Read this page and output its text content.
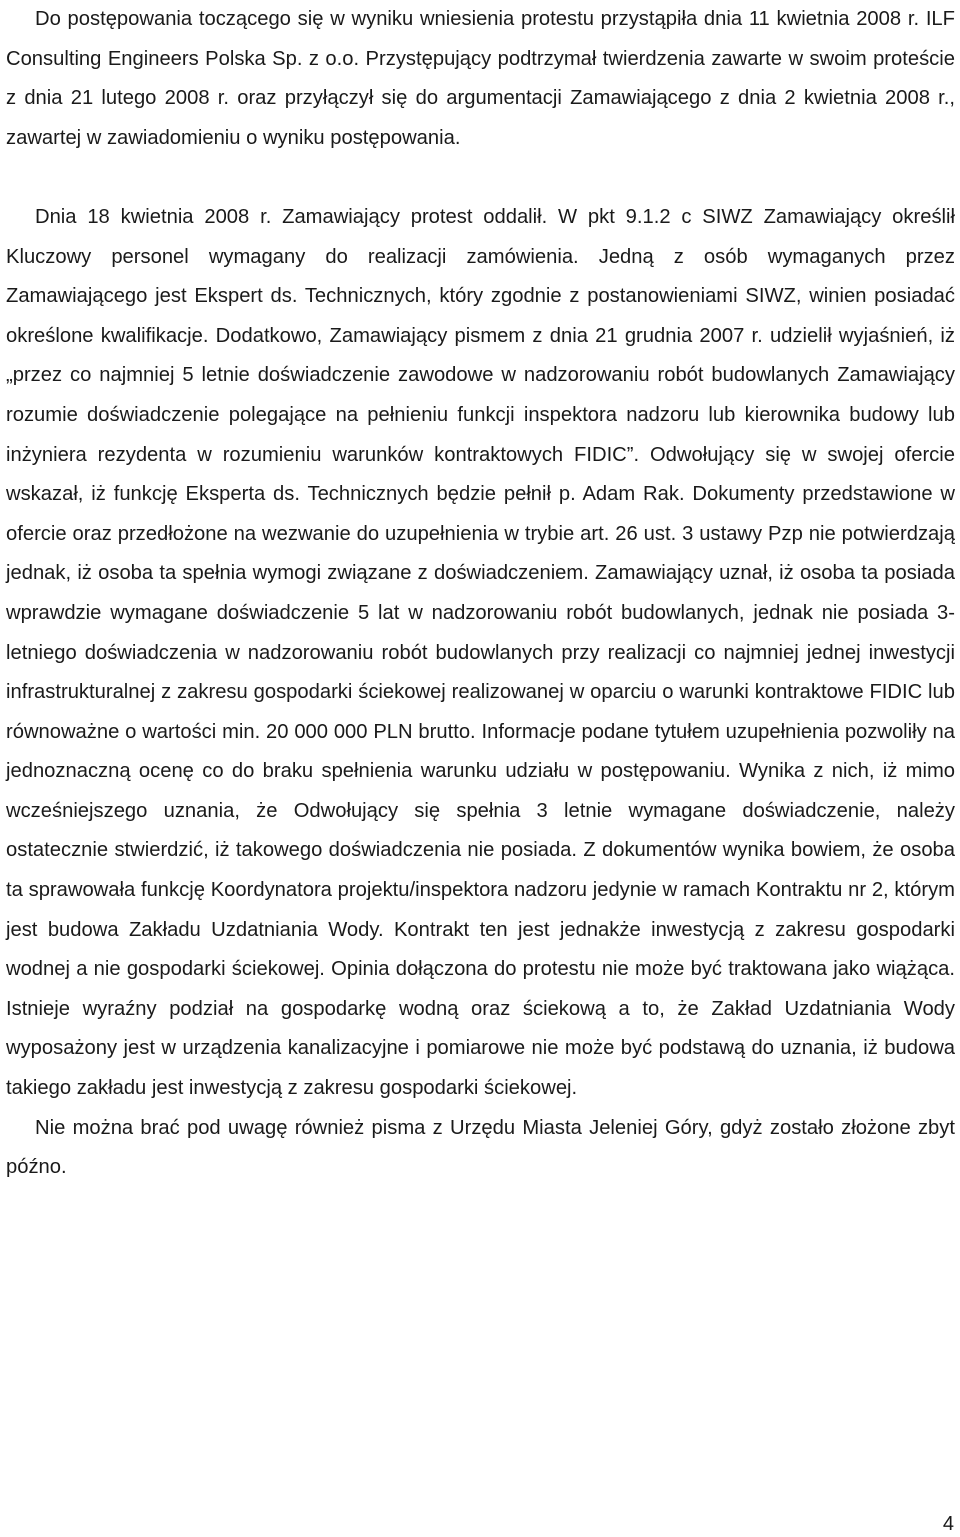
Do postępowania toczącego się w wyniku wniesienia protestu przystąpiła dnia 11 kwietnia 2008 r. ILF Consulting Engineers Polska Sp. z o.o. Przystępujący podtrzymał twierdzenia zawarte w swoim proteście z dnia 21 lutego 2008 r. oraz przyłączył się do argumentacji Zamawiającego z dnia 2 kwietnia 2008 r., zawartej w zawiadomieniu o wyniku postępowania.

Dnia 18 kwietnia 2008 r. Zamawiający protest oddalił. W pkt 9.1.2 c SIWZ Zamawiający określił Kluczowy personel wymagany do realizacji zamówienia. Jedną z osób wymaganych przez Zamawiającego jest Ekspert ds. Technicznych, który zgodnie z postanowieniami SIWZ, winien posiadać określone kwalifikacje. Dodatkowo, Zamawiający pismem z dnia 21 grudnia 2007 r. udzielił wyjaśnień, iż „przez co najmniej 5 letnie doświadczenie zawodowe w nadzorowaniu robót budowlanych Zamawiający rozumie doświadczenie polegające na pełnieniu funkcji inspektora nadzoru lub kierownika budowy lub inżyniera rezydenta w rozumieniu warunków kontraktowych FIDIC”. Odwołujący się w swojej ofercie wskazał, iż funkcję Eksperta ds. Technicznych będzie pełnił p. Adam Rak. Dokumenty przedstawione w ofercie oraz przedłożone na wezwanie do uzupełnienia w trybie art. 26 ust. 3 ustawy Pzp nie potwierdzają jednak, iż osoba ta spełnia wymogi związane z doświadczeniem. Zamawiający uznał, iż osoba ta posiada wprawdzie wymagane doświadczenie 5 lat w nadzorowaniu robót budowlanych, jednak nie posiada 3-letniego doświadczenia w nadzorowaniu robót budowlanych przy realizacji co najmniej jednej inwestycji infrastrukturalnej z zakresu gospodarki ściekowej realizowanej w oparciu o warunki kontraktowe FIDIC lub równoważne o wartości min. 20 000 000 PLN brutto. Informacje podane tytułem uzupełnienia pozwoliły na jednoznaczną ocenę co do braku spełnienia warunku udziału w postępowaniu. Wynika z nich, iż mimo wcześniejszego uznania, że Odwołujący się spełnia 3 letnie wymagane doświadczenie, należy ostatecznie stwierdzić, iż takowego doświadczenia nie posiada. Z dokumentów wynika bowiem, że osoba ta sprawowała funkcję Koordynatora projektu/inspektora nadzoru jedynie w ramach Kontraktu nr 2, którym jest budowa Zakładu Uzdatniania Wody. Kontrakt ten jest jednakże inwestycją z zakresu gospodarki wodnej a nie gospodarki ściekowej. Opinia dołączona do protestu nie może być traktowana jako wiążąca. Istnieje wyraźny podział na gospodarkę wodną oraz ściekową a to, że Zakład Uzdatniania Wody wyposażony jest w urządzenia kanalizacyjne i pomiarowe nie może być podstawą do uznania, iż budowa takiego zakładu jest inwestycją z zakresu gospodarki ściekowej.

Nie można brać pod uwagę również pisma z Urzędu Miasta Jeleniej Góry, gdyż zostało złożone zbyt późno.

4
